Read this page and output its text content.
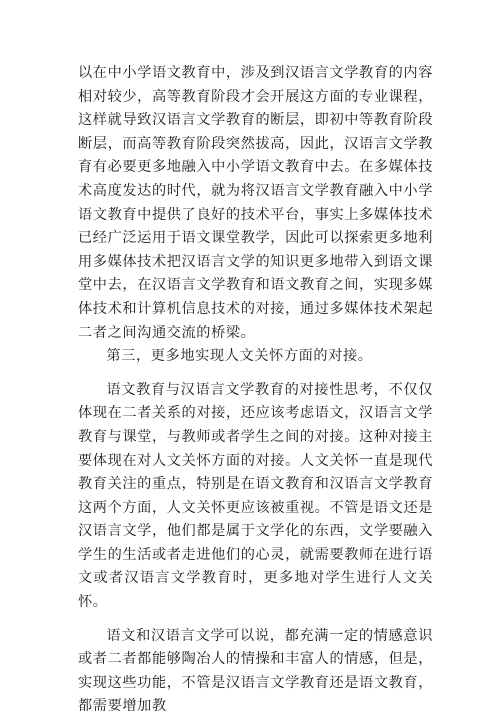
以在中小学语文教育中，涉及到汉语言文学教育的内容相对较少，高等教育阶段才会开展这方面的专业课程，这样就导致汉语言文学教育的断层，即初中等教育阶段断层，而高等教育阶段突然拔高，因此，汉语言文学教育有必要更多地融入中小学语文教育中去。在多媒体技术高度发达的时代，就为将汉语言文学教育融入中小学语文教育中提供了良好的技术平台，事实上多媒体技术已经广泛运用于语文课堂教学，因此可以探索更多地利用多媒体技术把汉语言文学的知识更多地带入到语文课堂中去，在汉语言文学教育和语文教育之间，实现多媒体技术和计算机信息技术的对接，通过多媒体技术架起二者之间沟通交流的桥梁。

第三，更多地实现人文关怀方面的对接。

语文教育与汉语言文学教育的对接性思考，不仅仅体现在二者关系的对接，还应该考虑语文，汉语言文学教育与课堂，与教师或者学生之间的对接。这种对接主要体现在对人文关怀方面的对接。人文关怀一直是现代教育关注的重点，特别是在语文教育和汉语言文学教育这两个方面，人文关怀更应该被重视。不管是语文还是汉语言文学，他们都是属于文学化的东西，文学要融入学生的生活或者走进他们的心灵，就需要教师在进行语文或者汉语言文学教育时，更多地对学生进行人文关怀。

语文和汉语言文学可以说，都充满一定的情感意识或者二者都能够陶冶人的情操和丰富人的情感，但是，实现这些功能，不管是汉语言文学教育还是语文教育，都需要增加教
